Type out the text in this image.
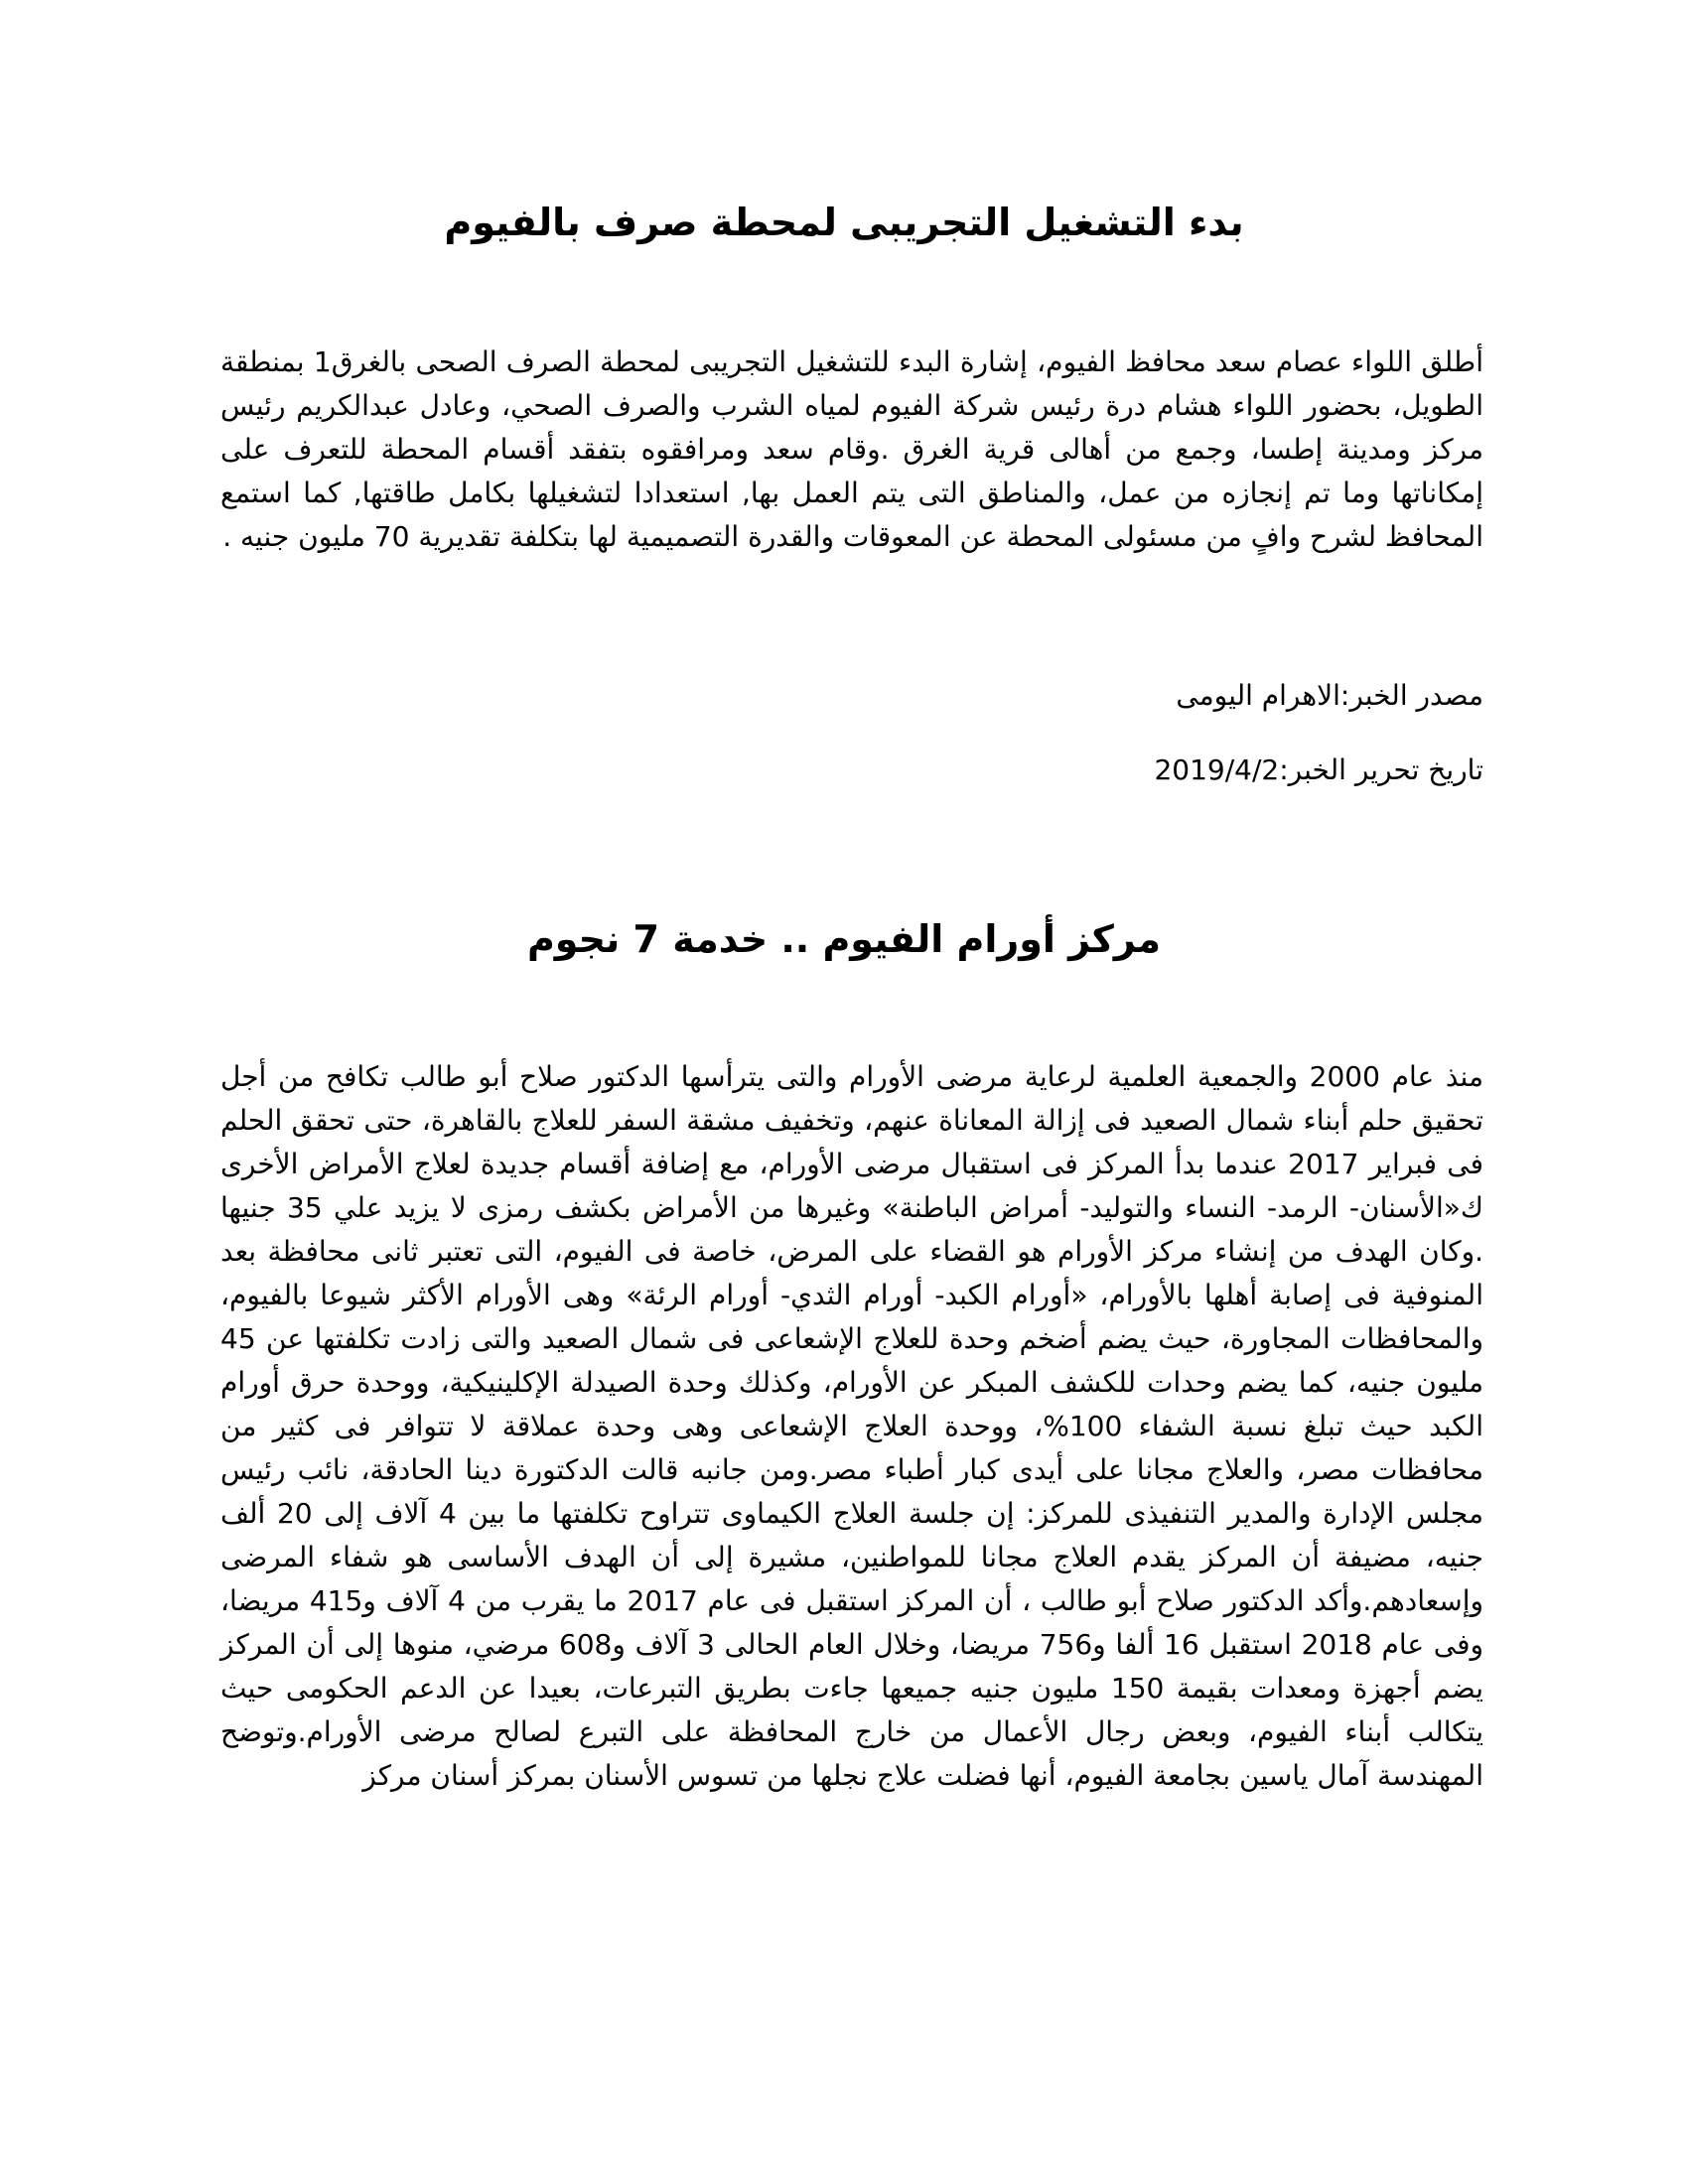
بدء التشغيل التجريبى لمحطة صرف بالفيوم

أطلق اللواء عصام سعد محافظ الفيوم، إشارة البدء للتشغيل التجريبى لمحطة الصرف الصحى بالغرق1 بمنطقة الطويل، بحضور اللواء هشام درة رئيس شركة الفيوم لمياه الشرب والصرف الصحي، وعادل عبدالكريم رئيس مركز ومدينة إطسا، وجمع من أهالى قرية الغرق .وقام سعد ومرافقوه بتفقد أقسام المحطة للتعرف على إمكاناتها وما تم إنجازه من عمل، والمناطق التى يتم العمل بها, استعدادا لتشغيلها بكامل طاقتها, كما استمع المحافظ لشرح وافٍ من مسئولى المحطة عن المعوقات والقدرة التصميمية لها بتكلفة تقديرية 70 مليون جنيه .

مصدر الخبر:الاهرام اليومى

تاريخ تحرير الخبر:2019/4/2

مركز أورام الفيوم .. خدمة 7 نجوم

منذ عام 2000 والجمعية العلمية لرعاية مرضى الأورام والتى يترأسها الدكتور صلاح أبو طالب تكافح من أجل تحقيق حلم أبناء شمال الصعيد فى إزالة المعاناة عنهم، وتخفيف مشقة السفر للعلاج بالقاهرة، حتى تحقق الحلم فى فبراير 2017 عندما بدأ المركز فى استقبال مرضى الأورام، مع إضافة أقسام جديدة لعلاج الأمراض الأخرى ك«الأسنان- الرمد- النساء والتوليد- أمراض الباطنة» وغيرها من الأمراض بكشف رمزى لا يزيد علي 35 جنيها .وكان الهدف من إنشاء مركز الأورام هو القضاء على المرض، خاصة فى الفيوم، التى تعتبر ثانى محافظة بعد المنوفية فى إصابة أهلها بالأورام، «أورام الكبد- أورام الثدي- أورام الرئة» وهى الأورام الأكثر شيوعا بالفيوم، والمحافظات المجاورة، حيث يضم أضخم وحدة للعلاج الإشعاعى فى شمال الصعيد والتى زادت تكلفتها عن 45 مليون جنيه، كما يضم وحدات للكشف المبكر عن الأورام، وكذلك وحدة الصيدلة الإكلينيكية، ووحدة حرق أورام الكبد حيث تبلغ نسبة الشفاء 100%، ووحدة العلاج الإشعاعى وهى وحدة عملاقة لا تتوافر فى كثير من محافظات مصر، والعلاج مجانا على أيدى كبار أطباء مصر.ومن جانبه قالت الدكتورة دينا الحادقة، نائب رئيس مجلس الإدارة والمدير التنفيذى للمركز: إن جلسة العلاج الكيماوى تتراوح تكلفتها ما بين 4 آلاف إلى 20 ألف جنيه، مضيفة أن المركز يقدم العلاج مجانا للمواطنين، مشيرة إلى أن الهدف الأساسى هو شفاء المرضى وإسعادهم.وأكد الدكتور صلاح أبو طالب ، أن المركز استقبل فى عام 2017 ما يقرب من 4 آلاف و415 مريضا، وفى عام 2018 استقبل 16 ألفا و756 مريضا، وخلال العام الحالى 3 آلاف و608 مرضي، منوها إلى أن المركز يضم أجهزة ومعدات بقيمة 150 مليون جنيه جميعها جاءت بطريق التبرعات، بعيدا عن الدعم الحكومى حيث يتكالب أبناء الفيوم، وبعض رجال الأعمال من خارج المحافظة على التبرع لصالح مرضى الأورام.وتوضح المهندسة آمال ياسين بجامعة الفيوم، أنها فضلت علاج نجلها من تسوس الأسنان بمركز أسنان مركز
